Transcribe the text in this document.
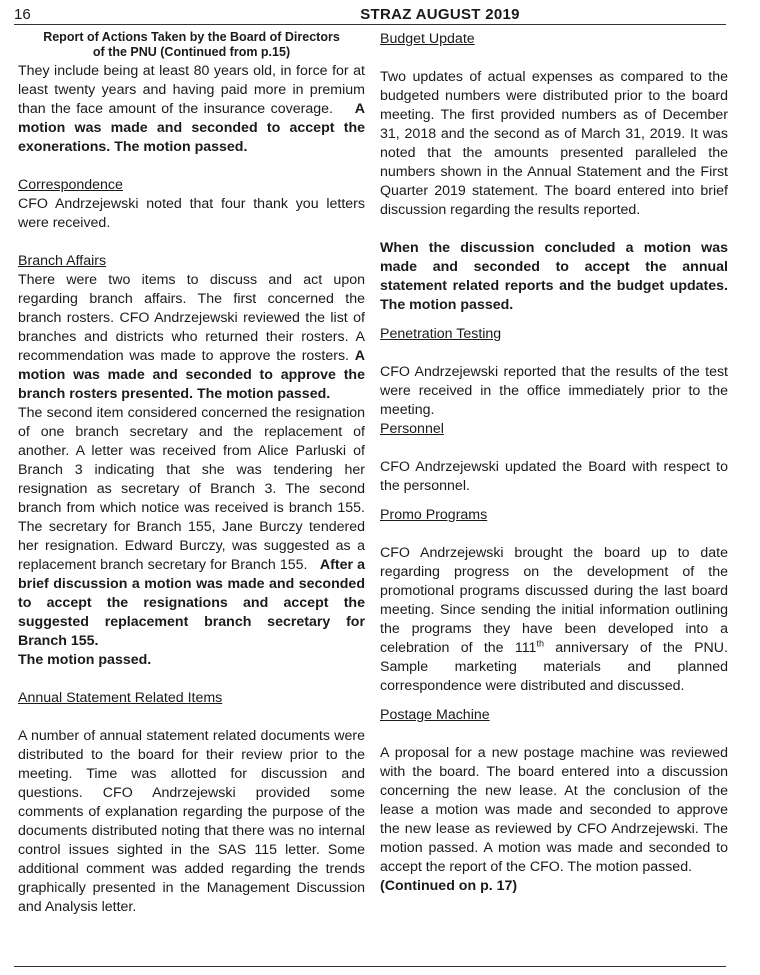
16	STRAZ AUGUST 2019
Report of Actions Taken by the Board of Directors
of the PNU (Continued from p.15)

They include being at least 80 years old, in force for at least twenty years and having paid more in premium than the face amount of the insurance coverage. A motion was made and seconded to accept the exonerations. The motion passed.

Correspondence

CFO Andrzejewski noted that four thank you letters were received.

Branch Affairs

There were two items to discuss and act upon regarding branch affairs. The first concerned the branch rosters. CFO Andrzejewski reviewed the list of branches and districts who returned their rosters. A recommendation was made to approve the rosters. A motion was made and seconded to approve the branch rosters presented. The motion passed.

The second item considered concerned the resignation of one branch secretary and the replacement of another. A letter was received from Alice Parluski of Branch 3 indicating that she was tendering her resignation as secretary of Branch 3. The second branch from which notice was received is branch 155. The secretary for Branch 155, Jane Burczy tendered her resignation. Edward Burczy, was suggested as a replacement branch secretary for Branch 155. After a brief discussion a motion was made and seconded to accept the resignations and accept the suggested replacement branch secretary for Branch 155.

The motion passed.

Annual Statement Related Items

A number of annual statement related documents were distributed to the board for their review prior to the meeting. Time was allotted for discussion and questions. CFO Andrzejewski provided some comments of explanation regarding the purpose of the documents distributed noting that there was no internal control issues sighted in the SAS 115 letter. Some additional comment was added regarding the trends graphically presented in the Management Discussion and Analysis letter.

Budget Update

Two updates of actual expenses as compared to the budgeted numbers were distributed prior to the board meeting. The first provided numbers as of December 31, 2018 and the second as of March 31, 2019. It was noted that the amounts presented paralleled the numbers shown in the Annual Statement and the First Quarter 2019 statement. The board entered into brief discussion regarding the results reported.

When the discussion concluded a motion was made and seconded to accept the annual statement related reports and the budget updates. The motion passed.

Penetration Testing

CFO Andrzejewski reported that the results of the test were received in the office immediately prior to the meeting.

Personnel

CFO Andrzejewski updated the Board with respect to the personnel.

Promo Programs

CFO Andrzejewski brought the board up to date regarding progress on the development of the promotional programs discussed during the last board meeting. Since sending the initial information outlining the programs they have been developed into a celebration of the 111th anniversary of the PNU. Sample marketing materials and planned correspondence were distributed and discussed.

Postage Machine

A proposal for a new postage machine was reviewed with the board. The board entered into a discussion concerning the new lease. At the conclusion of the lease a motion was made and seconded to approve the new lease as reviewed by CFO Andrzejewski. The motion passed. A motion was made and seconded to accept the report of the CFO. The motion passed.

(Continued on p. 17)
